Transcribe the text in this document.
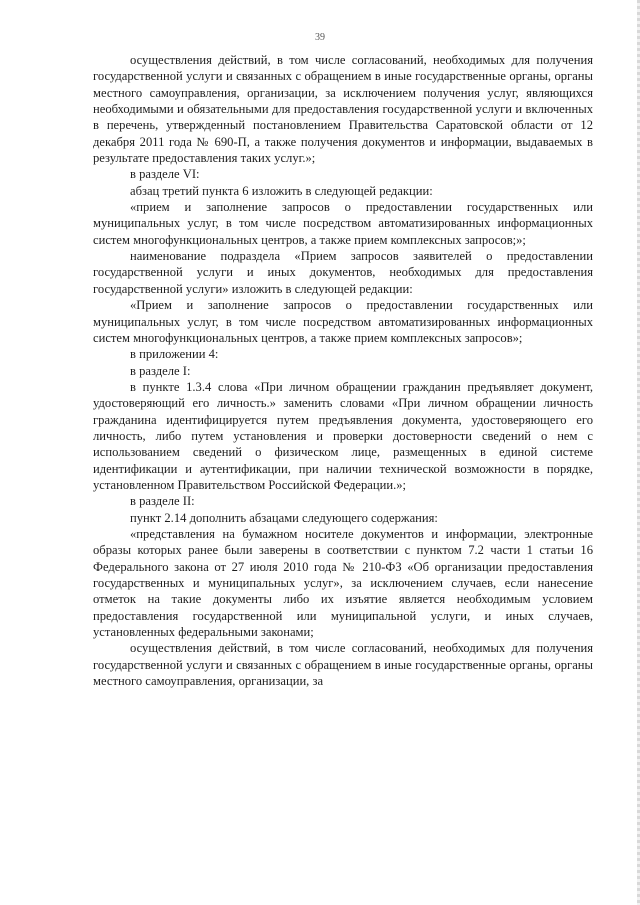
39

осуществления действий, в том числе согласований, необходимых для получения государственной услуги и связанных с обращением в иные государственные органы, органы местного самоуправления, организации, за исключением получения услуг, являющихся необходимыми и обязательными для предоставления государственной услуги и включенных в перечень, утвержденный постановлением Правительства Саратовской области от 12 декабря 2011 года № 690-П, а также получения документов и информации, выдаваемых в результате предоставления таких услуг.»;

в разделе VI:

абзац третий пункта 6 изложить в следующей редакции:

«прием и заполнение запросов о предоставлении государственных или муниципальных услуг, в том числе посредством автоматизированных информационных систем многофункциональных центров, а также прием комплексных запросов;»;

наименование подраздела «Прием запросов заявителей о предоставлении государственной услуги и иных документов, необходимых для предоставления государственной услуги» изложить в следующей редакции:

«Прием и заполнение запросов о предоставлении государственных или муниципальных услуг, в том числе посредством автоматизированных информационных систем многофункциональных центров, а также прием комплексных запросов»;

в приложении 4:

в разделе I:

в пункте 1.3.4 слова «При личном обращении гражданин предъявляет документ, удостоверяющий его личность.» заменить словами «При личном обращении личность гражданина идентифицируется путем предъявления документа, удостоверяющего его личность, либо путем установления и проверки достоверности сведений о нем с использованием сведений о физическом лице, размещенных в единой системе идентификации и аутентификации, при наличии технической возможности в порядке, установленном Правительством Российской Федерации.»;

в разделе II:

пункт 2.14 дополнить абзацами следующего содержания:

«представления на бумажном носителе документов и информации, электронные образы которых ранее были заверены в соответствии с пунктом 7.2 части 1 статьи 16 Федерального закона от 27 июля 2010 года № 210-ФЗ «Об организации предоставления государственных и муниципальных услуг», за исключением случаев, если нанесение отметок на такие документы либо их изъятие является необходимым условием предоставления государственной или муниципальной услуги, и иных случаев, установленных федеральными законами;

осуществления действий, в том числе согласований, необходимых для получения государственной услуги и связанных с обращением в иные государственные органы, органы местного самоуправления, организации, за
